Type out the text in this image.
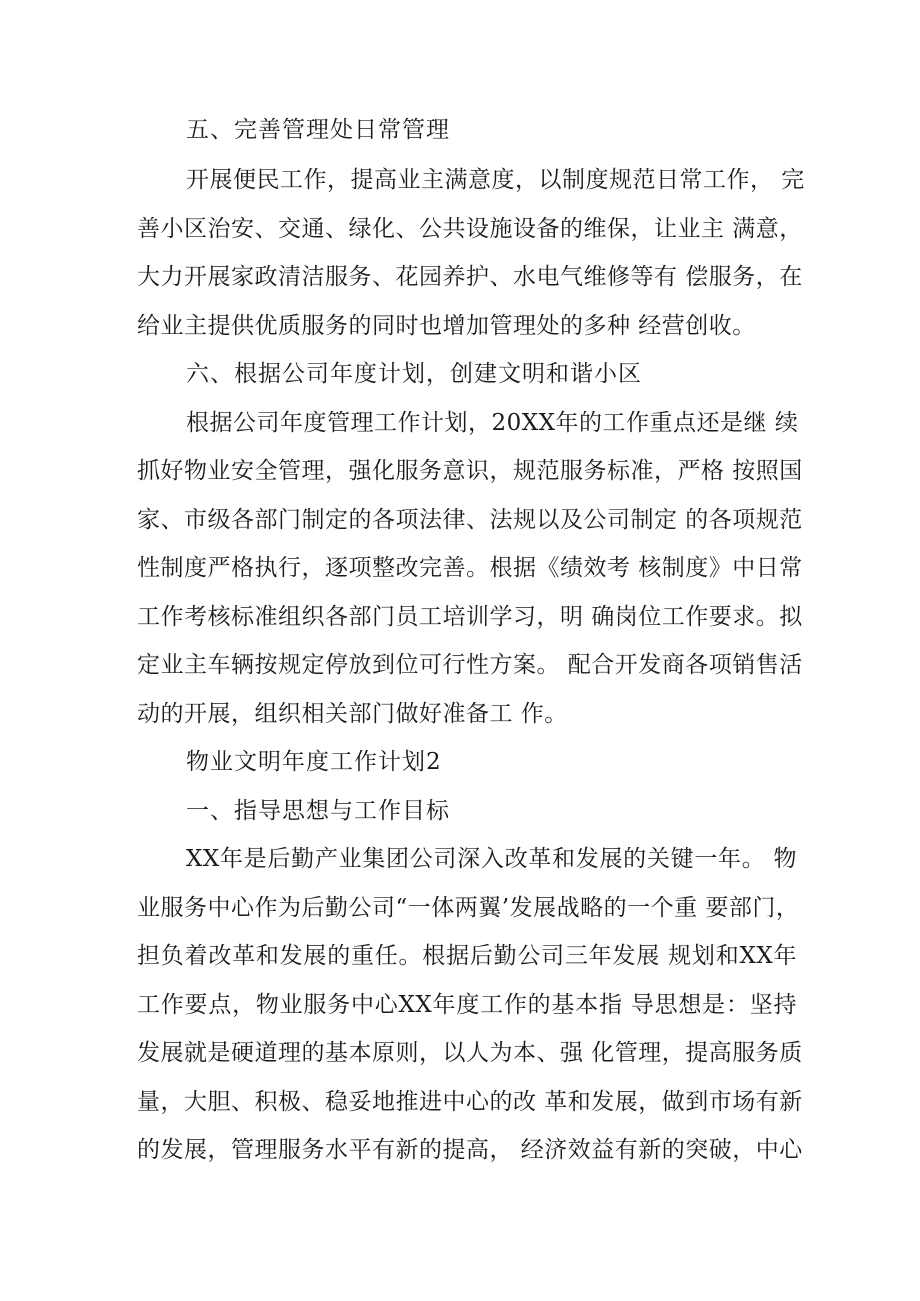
五、完善管理处日常管理
开展便民工作，提高业主满意度，以制度规范日常工作， 完
善小区治安、交通、绿化、公共设施设备的维保，让业主 满意，
大力开展家政清洁服务、花园养护、水电气维修等有 偿服务，在
给业主提供优质服务的同时也增加管理处的多种 经营创收。
六、根据公司年度计划，创建文明和谐小区
根据公司年度管理工作计划，20XX年的工作重点还是继 续
抓好物业安全管理，强化服务意识，规范服务标准，严格 按照国
家、市级各部门制定的各项法律、法规以及公司制定 的各项规范
性制度严格执行，逐项整改完善。根据《绩效考 核制度》中日常
工作考核标准组织各部门员工培训学习，明 确岗位工作要求。拟
定业主车辆按规定停放到位可行性方案。 配合开发商各项销售活
动的开展，组织相关部门做好准备工 作。
物业文明年度工作计划2
一、指导思想与工作目标
XX年是后勤产业集团公司深入改革和发展的关键一年。 物
业服务中心作为后勤公司“一体两翼’发展战略的一个重 要部门，
担负着改革和发展的重任。根据后勤公司三年发展 规划和XX年
工作要点，物业服务中心XX年度工作的基本指 导思想是：坚持
发展就是硬道理的基本原则，以人为本、强 化管理，提高服务质
量，大胆、积极、稳妥地推进中心的改 革和发展，做到市场有新
的发展，管理服务水平有新的提高， 经济效益有新的突破，中心
